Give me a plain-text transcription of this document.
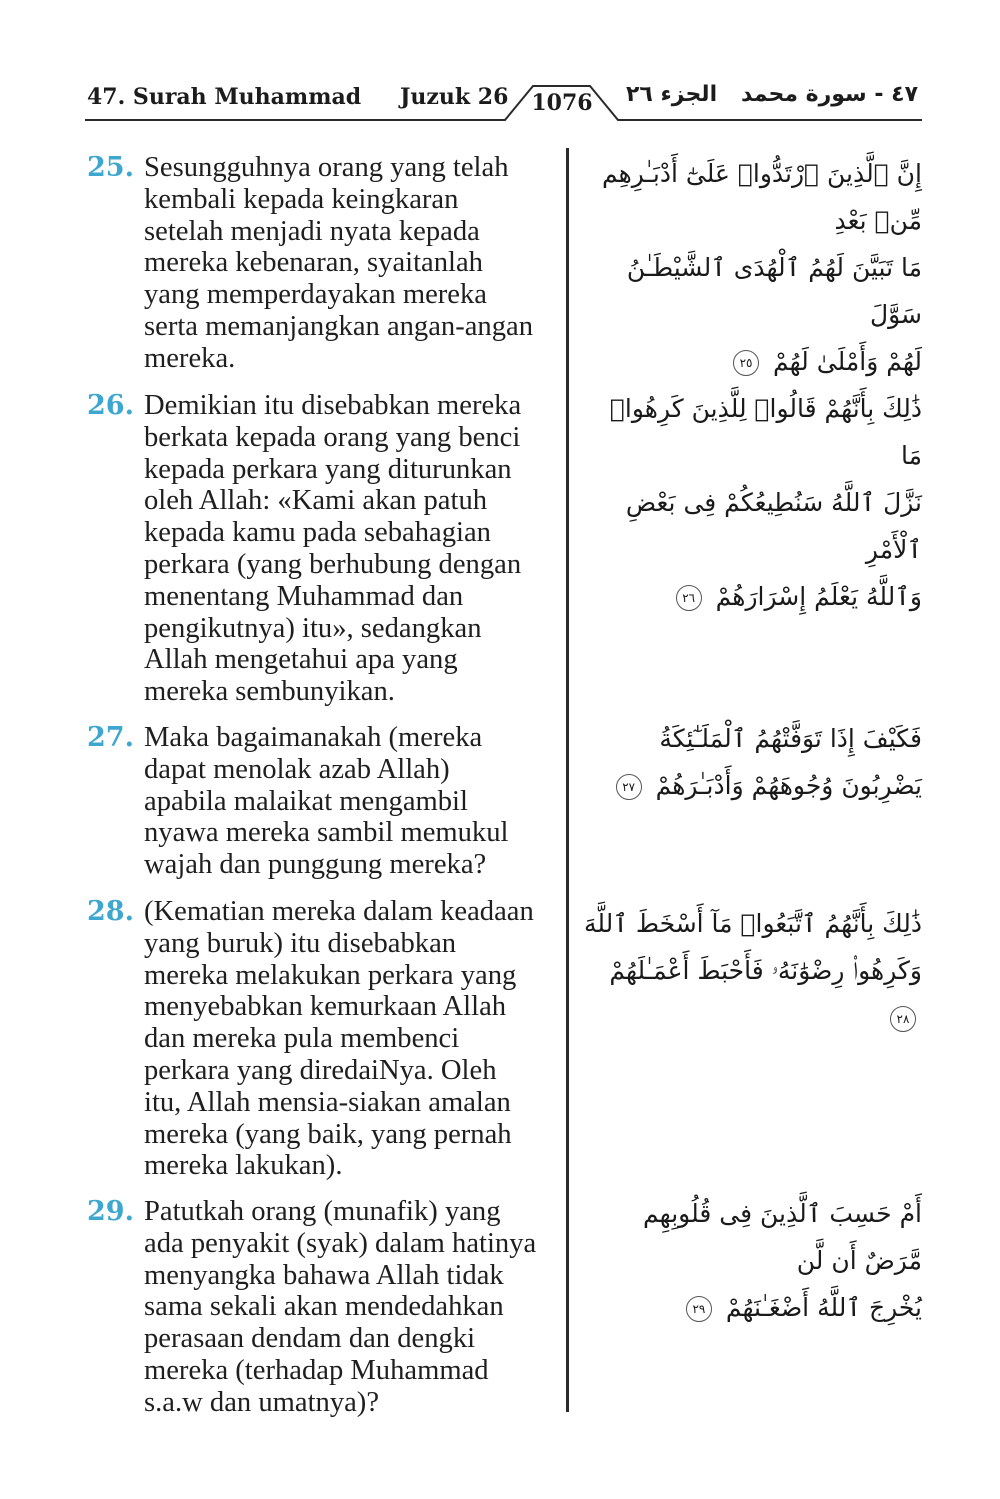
47. Surah Muhammad Juzuk 26	1076	الجزء ٢٦ ٤٧ - سورة محمد
25. Sesungguhnya orang yang telah
kembali kepada keingkaran
setelah menjadi nyata kepada
mereka kebenaran, syaitanlah
yang memperdayakan mereka
serta memanjangkan angan-angan
mereka.
إِنَّ ٱلَّذِينَ ٱرْتَدُّوا۟ عَلَىٰٓ أَدْبَـٰرِهِم مِّنۢ بَعْدِ
مَا تَبَيَّنَ لَهُمُ ٱلْهُدَى ٱلشَّيْطَـٰنُ سَوَّلَ
لَهُمْ وَأَمْلَىٰ لَهُمْ ٢٥
26. Demikian itu disebabkan mereka
berkata kepada orang yang benci
kepada perkara yang diturunkan
oleh Allah: «Kami akan patuh
kepada kamu pada sebahagian
perkara (yang berhubung dengan
menentang Muhammad dan
pengikutnya) itu», sedangkan
Allah mengetahui apa yang
mereka sembunyikan.
ذَٰلِكَ بِأَنَّهُمْ قَالُوا۟ لِلَّذِينَ كَرِهُوا۟ مَا
نَزَّلَ ٱللَّهُ سَنُطِيعُكُمْ فِى بَعْضِ ٱلْأَمْرِ
وَٱللَّهُ يَعْلَمُ إِسْرَارَهُمْ ٢٦
27. Maka bagaimanakah (mereka
dapat menolak azab Allah)
apabila malaikat mengambil
nyawa mereka sambil memukul
wajah dan punggung mereka?
فَكَيْفَ إِذَا تَوَفَّتْهُمُ ٱلْمَلَـٰٓئِكَةُ
يَضْرِبُونَ وُجُوهَهُمْ وَأَدْبَـٰرَهُمْ ٢٧
28. (Kematian mereka dalam keadaan
yang buruk) itu disebabkan
mereka melakukan perkara yang
menyebabkan kemurkaan Allah
dan mereka pula membenci
perkara yang diredaiNya. Oleh
itu, Allah mensia-siakan amalan
mereka (yang baik, yang pernah
mereka lakukan).
ذَٰلِكَ بِأَنَّهُمُ ٱتَّبَعُوا۟ مَآ أَسْخَطَ ٱللَّهَ
وَكَرِهُوا۟ رِضْوَٰنَهُۥ فَأَحْبَطَ أَعْمَـٰلَهُمْ ٢٨
29. Patutkah orang (munafik) yang
ada penyakit (syak) dalam hatinya
menyangka bahawa Allah tidak
sama sekali akan mendedahkan
perasaan dendam dan dengki
mereka (terhadap Muhammad
s.a.w dan umatnya)?
أَمْ حَسِبَ ٱلَّذِينَ فِى قُلُوبِهِم مَّرَضٌ أَن لَّن
يُخْرِجَ ٱللَّهُ أَضْغَـٰنَهُمْ ٢٩
